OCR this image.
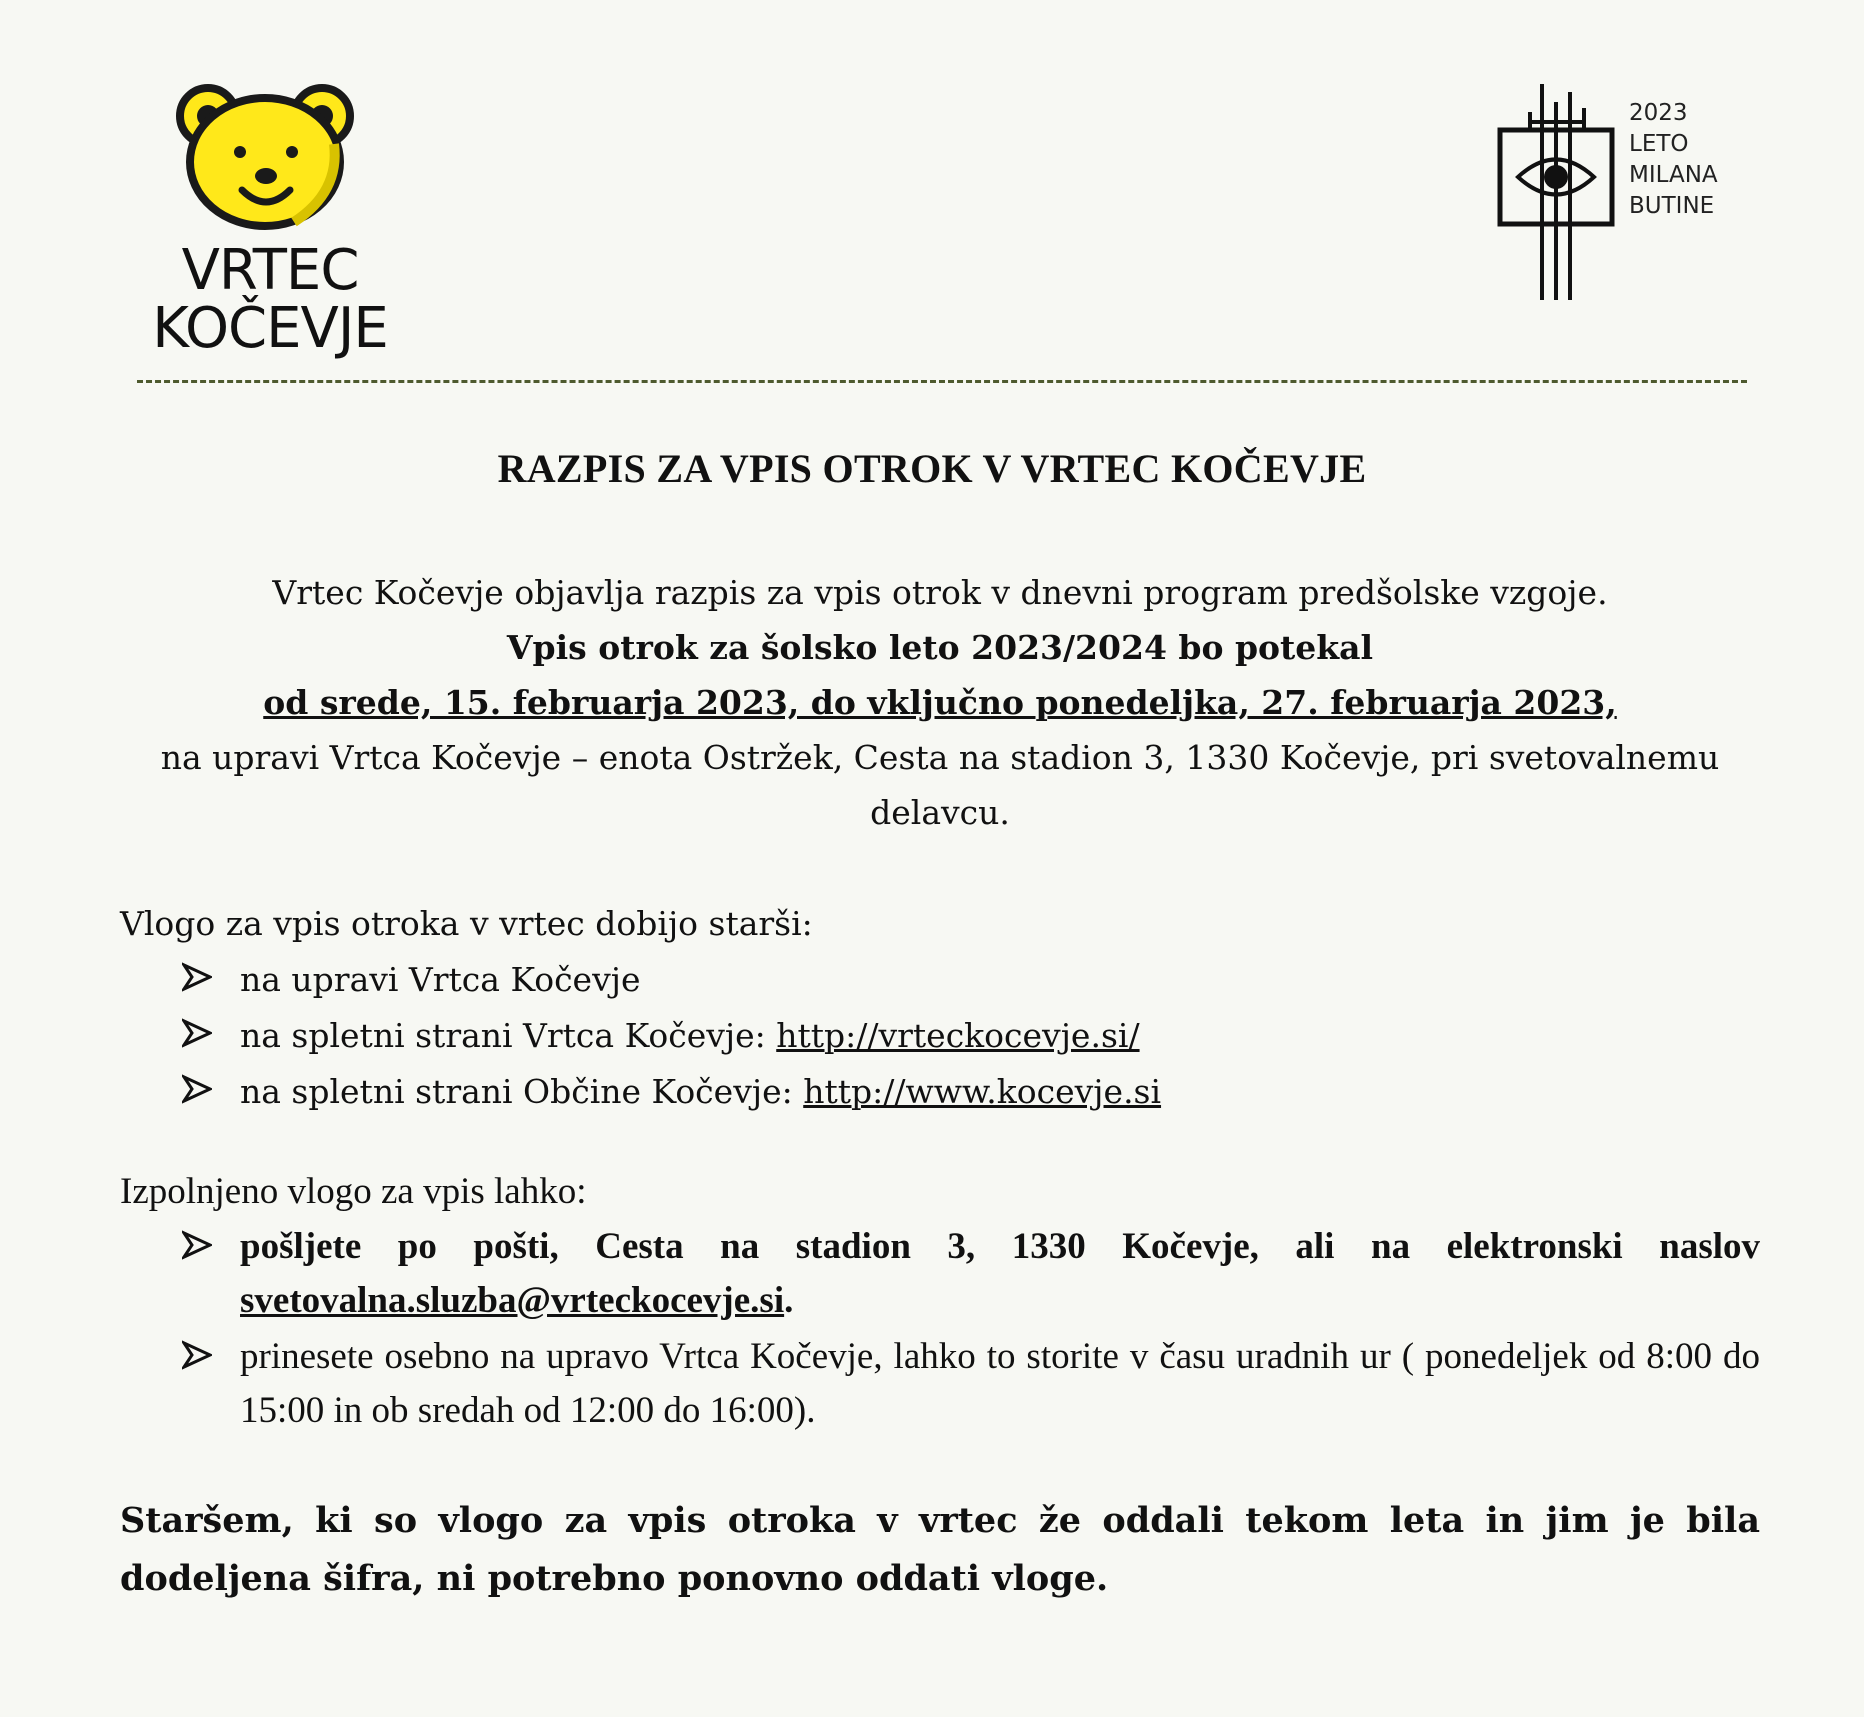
VRTEC
KOČEVJE
2023
LETO
MILANA
BUTINE
RAZPIS ZA VPIS OTROK V VRTEC KOČEVJE

Vrtec Kočevje objavlja razpis za vpis otrok v dnevni program predšolske vzgoje.

Vpis otrok za šolsko leto 2023/2024 bo potekal

od srede, 15. februarja 2023, do vključno ponedeljka, 27. februarja 2023,

na upravi Vrtca Kočevje – enota Ostržek, Cesta na stadion 3, 1330 Kočevje, pri svetovalnemu delavcu.

Vlogo za vpis otroka v vrtec dobijo starši:

na upravi Vrtca Kočevje
na spletni strani Vrtca Kočevje: http://vrteckocevje.si/
na spletni strani Občine Kočevje: http://www.kocevje.si

Izpolnjeno vlogo za vpis lahko:

pošljete po pošti, Cesta na stadion 3, 1330 Kočevje, ali na elektronski naslov svetovalna.sluzba@vrteckocevje.si.
prinesete osebno na upravo Vrtca Kočevje, lahko to storite v času uradnih ur ( ponedeljek od 8:00 do 15:00 in ob sredah od 12:00 do 16:00).
Staršem, ki so vlogo za vpis otroka v vrtec že oddali tekom leta in jim je bila dodeljena šifra, ni potrebno ponovno oddati vloge.
